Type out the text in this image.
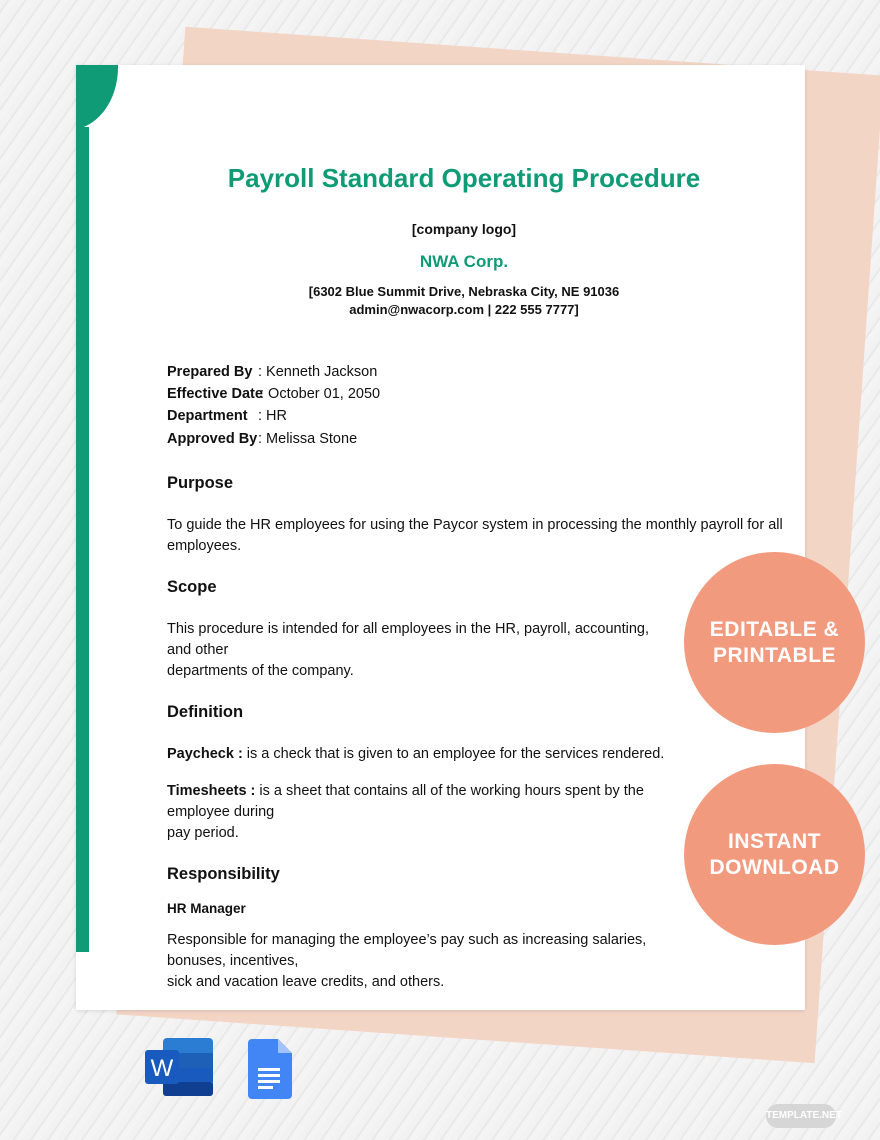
Payroll Standard Operating Procedure
[company logo]
NWA Corp.
[6302 Blue Summit Drive, Nebraska City, NE 91036
admin@nwacorp.com | 222 555 7777]
Prepared By : Kenneth Jackson
Effective Date
: October 01, 2050
Department : HR
Approved By : Melissa Stone
Purpose
To guide the HR employees for using the Paycor system in processing the monthly payroll for all
employees.
Scope
This procedure is intended for all employees in the HR, payroll, accounting, and other
departments of the company.
Definition
Paycheck : is a check that is given to an employee for the services rendered.
Timesheets : is a sheet that contains all of the working hours spent by the employee during
pay period.
Responsibility
HR Manager
Responsible for managing the employee’s pay such as increasing salaries, bonuses, incentives,
sick and vacation leave credits, and others.
EDITABLE &
PRINTABLE
INSTANT
DOWNLOAD
W
TEMPLATE.NET
